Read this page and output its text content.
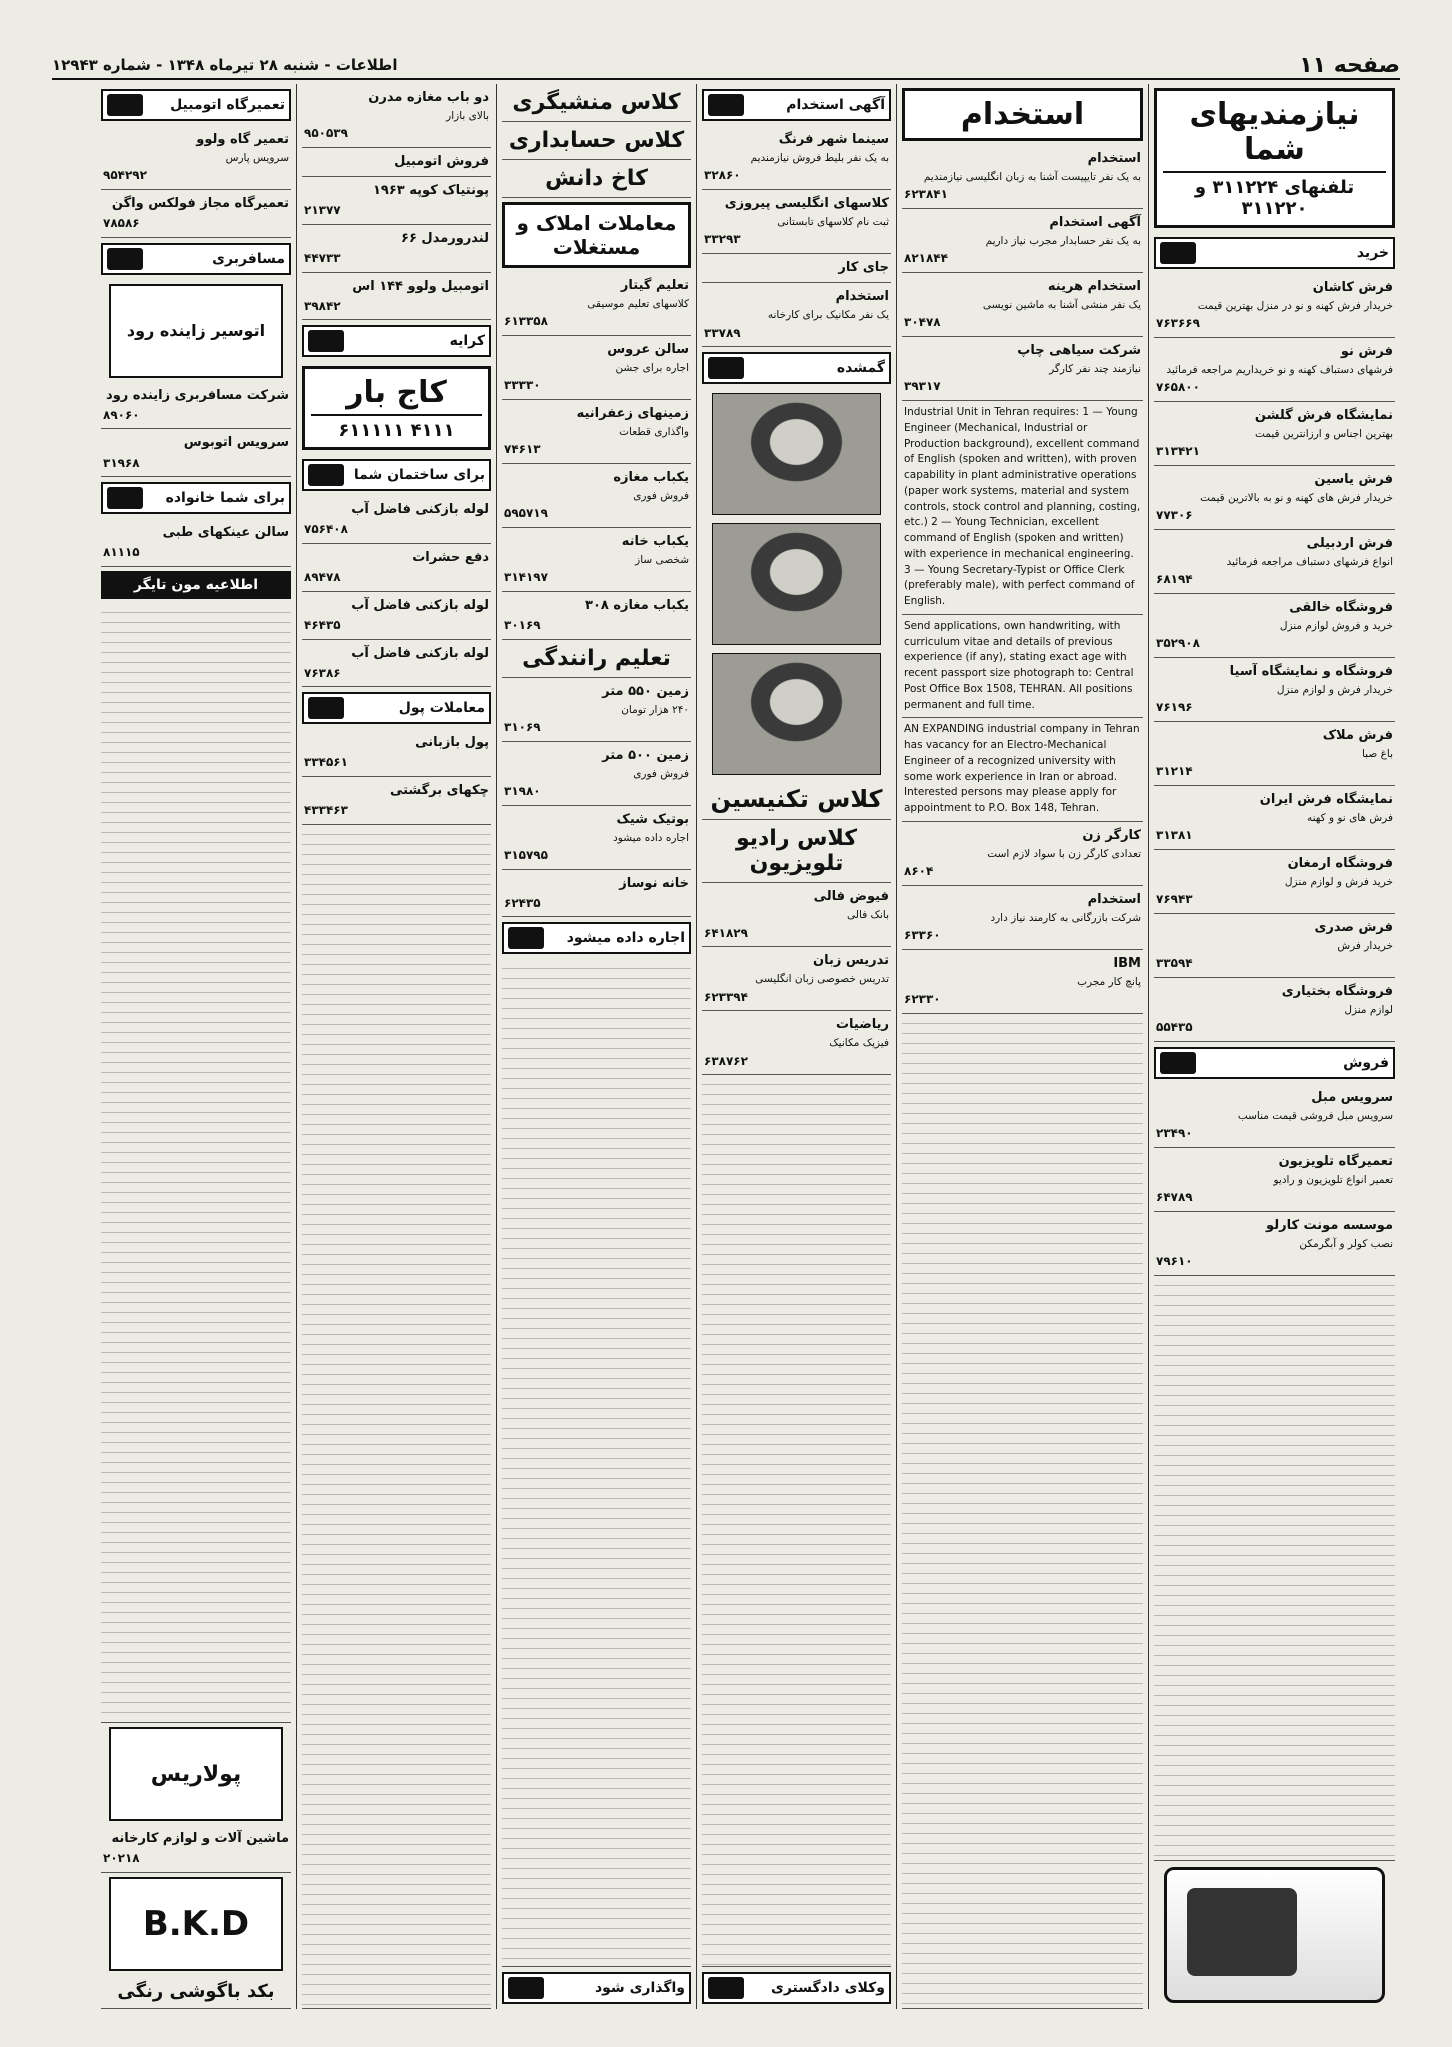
صفحه ۱۱
اطلاعات - شنبه ۲۸ تیرماه ۱۳۴۸ - شماره ۱۲۹۴۳
نیازمندیهای شما
تلفنهای ۳۱۱۲۲۴ و ۳۱۱۲۲۰
خرید
فرش کاشان
خریدار فرش کهنه و نو در منزل بهترین قیمت
۷۶۳۶۶۹
فرش نو
فرشهای دستباف کهنه و نو خریداریم مراجعه فرمائید
۷۶۵۸۰۰
نمایشگاه فرش گلشن
بهترین اجناس و ارزانترین قیمت
۳۱۳۴۲۱
فرش یاسین
خریدار فرش های کهنه و نو به بالاترین قیمت
۷۷۳۰۶
فرش اردبیلی
انواع فرشهای دستباف مراجعه فرمائید
۶۸۱۹۴
فروشگاه خالقی
خرید و فروش لوازم منزل
۳۵۲۹۰۸
فروشگاه و نمایشگاه آسیا
خریدار فرش و لوازم منزل
۷۶۱۹۶
فرش ملاک
باغ صبا
۳۱۲۱۴
نمایشگاه فرش ایران
فرش های نو و کهنه
۳۱۳۸۱
فروشگاه ارمغان
خرید فرش و لوازم منزل
۷۶۹۴۳
فرش صدری
خریدار فرش
۳۳۵۹۴
فروشگاه بختیاری
لوازم منزل
۵۵۴۳۵
فروش
سرویس مبل
سرویس مبل فروشی قیمت مناسب
۲۳۴۹۰
تعمیرگاه تلویزیون
تعمیر انواع تلویزیون و رادیو
۶۴۷۸۹
موسسه مونت کارلو
نصب کولر و آبگرمکن
۷۹۶۱۰
استخدام
استخدام
به یک نفر تایپیست آشنا به زبان انگلیسی نیازمندیم
۶۲۳۸۴۱
آگهی استخدام
به یک نفر حسابدار مجرب نیاز داریم
۸۲۱۸۴۴
استخدام هرینه
یک نفر منشی آشنا به ماشین نویسی
۳۰۴۷۸
شرکت سیاهی چاپ
نیازمند چند نفر کارگر
۳۹۳۱۷
Industrial Unit in Tehran requires: 1 — Young Engineer (Mechanical, Industrial or Production background), excellent command of English (spoken and written), with proven capability in plant administrative operations (paper work systems, material and system controls, stock control and planning, costing, etc.) 2 — Young Technician, excellent command of English (spoken and written) with experience in mechanical engineering. 3 — Young Secretary-Typist or Office Clerk (preferably male), with perfect command of English.
Send applications, own handwriting, with curriculum vitae and details of previous experience (if any), stating exact age with recent passport size photograph to: Central Post Office Box 1508, TEHRAN. All positions permanent and full time.
AN EXPANDING industrial company in Tehran has vacancy for an Electro-Mechanical Engineer of a recognized university with some work experience in Iran or abroad. Interested persons may please apply for appointment to P.O. Box 148, Tehran.
کارگر زن
تعدادی کارگر زن با سواد لازم است
۸۶۰۴
استخدام
شرکت بازرگانی به کارمند نیاز دارد
۶۳۳۶۰
IBM
پانچ کار مجرب
۶۲۳۳۰
آگهی استخدام
سینما شهر فرنگ
به یک نفر بلیط فروش نیازمندیم
۳۲۸۶۰
کلاسهای انگلیسی پیروزی
ثبت نام کلاسهای تابستانی
۳۳۲۹۳
جای کار
استخدام
یک نفر مکانیک برای کارخانه
۳۳۷۸۹
گمشده
کلاس تکنیسین
کلاس رادیو تلویزیون
فیوض فالی
بانک فالی
۶۴۱۸۲۹
تدریس زبان
تدریس خصوصی زبان انگلیسی
۶۲۳۳۹۴
ریاضیات
فیزیک مکانیک
۶۳۸۷۶۲
وکلای دادگستری
کلاس منشیگری
کلاس حسابداری
کاخ دانش
معاملات املاک و مستغلات
تعلیم گیتار
کلاسهای تعلیم موسیقی
۶۱۳۳۵۸
سالن عروس
اجاره برای جشن
۳۳۳۳۰
زمینهای زعفرانیه
واگذاری قطعات
۷۴۶۱۳
یکباب مغازه
فروش فوری
۵۹۵۷۱۹
یکباب خانه
شخصی ساز
۳۱۴۱۹۷
یکباب مغازه ۳۰۸
۳۰۱۶۹
تعلیم رانندگی
زمین ۵۵۰ متر
۲۴۰ هزار تومان
۳۱۰۶۹
زمین ۵۰۰ متر
فروش فوری
۳۱۹۸۰
بوتیک شیک
اجاره داده میشود
۳۱۵۷۹۵
خانه نوساز
۶۲۴۳۵
اجاره داده میشود
واگذاری شود
دو باب مغازه مدرن
بالای بازار
۹۵۰۵۳۹
فروش اتومبیل
پونتیاک کوپه ۱۹۶۳
۲۱۳۷۷
لندرورمدل ۶۶
۴۴۷۳۳
اتومبیل ولوو ۱۴۴ اس
۳۹۸۴۲
کرایه
کاج بار
۴۱۱۱ ۶۱۱۱۱۱
برای ساختمان شما
لوله بازکنی فاضل آب
۷۵۶۴۰۸
دفع حشرات
۸۹۴۷۸
لوله بازکنی فاضل آب
۴۶۴۳۵
لوله بازکنی فاضل آب
۷۶۳۸۶
معاملات پول
پول بازبانی
۳۳۴۵۶۱
چکهای برگشتی
۴۳۳۴۶۳
تعمیرگاه اتومبیل
تعمیر گاه ولوو
سرویس پارس
۹۵۴۲۹۲
تعمیرگاه مجاز فولکس واگن
۷۸۵۸۶
مسافربری
اتوسیر زاینده رود
شرکت مسافربری زاینده رود
۸۹۰۶۰
سرویس اتوبوس
۳۱۹۶۸
برای شما خانواده
سالن عینکهای طبی
۸۱۱۱۵
اطلاعیه مون تایگر
پولاریس
ماشین آلات و لوازم کارخانه
۲۰۲۱۸
B.K.D
بکد باگوشی رنگی
